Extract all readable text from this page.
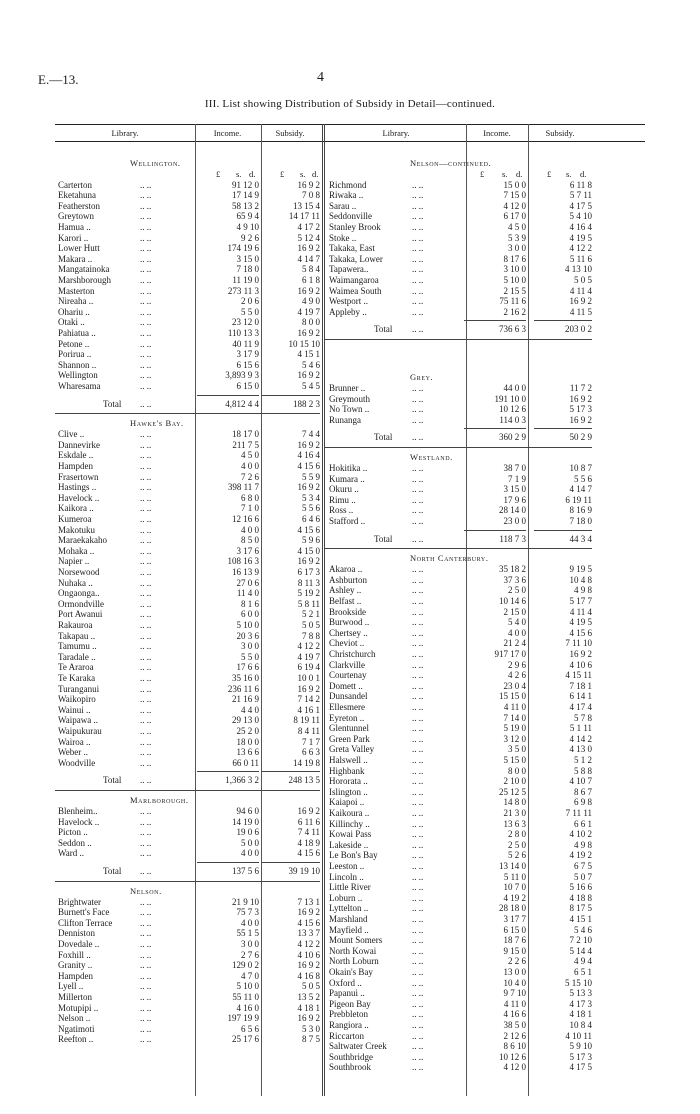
E.—13.	4
III. List showing Distribution of Subsidy in Detail—continued.
Library.	Income.	Subsidy.	Library.	Income.	Subsidy.
Wellington.
£ s. d.	£ s. d.
Carterton	.. ..	91 12 0	16 9 2
Eketahuna	.. ..	17 14 9	7 0 8
Featherston	.. ..	58 13 2	13 15 4
Greytown	.. ..	65 9 4	14 17 11
Hamua ..	.. ..	4 9 10	4 17 2
Karori ..	.. ..	9 2 6	5 12 4
Lower Hutt	.. ..	174 19 6	16 9 2
Makara ..	.. ..	3 15 0	4 14 7
Mangatainoka	.. ..	7 18 0	5 8 4
Marshborough	.. ..	11 19 0	6 1 8
Masterton	.. ..	273 11 3	16 9 2
Nireaha ..	.. ..	2 0 6	4 9 0
Ohariu ..	.. ..	5 5 0	4 19 7
Otaki ..	.. ..	23 12 0	8 0 0
Pahiatua ..	.. ..	110 13 3	16 9 2
Petone ..	.. ..	40 11 9	10 15 10
Porirua ..	.. ..	3 17 9	4 15 1
Shannon ..	.. ..	6 15 6	5 4 6
Wellington	.. ..	3,893 9 3	16 9 2
Wharesama	.. ..	6 15 0	5 4 5
Total .. ..	4,812 4 4	188 2 3
Hawke's Bay.
Clive ..	.. ..	18 17 0	7 4 4
Dannevirke	.. ..	211 7 5	16 9 2
Eskdale ..	.. ..	4 5 0	4 16 4
Hampden	.. ..	4 0 0	4 15 6
Frasertown	.. ..	7 2 6	5 5 9
Hastings ..	.. ..	398 11 7	16 9 2
Havelock ..	.. ..	6 8 0	5 3 4
Kaikora ..	.. ..	7 1 0	5 5 6
Kumeroa	.. ..	12 16 6	6 4 6
Makotuku	.. ..	4 0 0	4 15 6
Maraekakaho	.. ..	8 5 0	5 9 6
Mohaka ..	.. ..	3 17 6	4 15 0
Napier ..	.. ..	108 16 3	16 9 2
Norsewood	.. ..	16 13 9	6 17 3
Nuhaka ..	.. ..	27 0 6	8 11 3
Ongaonga..	.. ..	11 4 0	5 19 2
Ormondville	.. ..	8 1 6	5 8 11
Port Awanui	.. ..	6 0 0	5 2 1
Rakauroa	.. ..	5 10 0	5 0 5
Takapau ..	.. ..	20 3 6	7 8 8
Tamumu ..	.. ..	3 0 0	4 12 2
Taradale ..	.. ..	5 5 0	4 19 7
Te Araroa	.. ..	17 6 6	6 19 4
Te Karaka	.. ..	35 16 0	10 0 1
Turanganui	.. ..	236 11 6	16 9 2
Waikopiro	.. ..	21 16 9	7 14 2
Wainui ..	.. ..	4 4 0	4 16 1
Waipawa ..	.. ..	29 13 0	8 19 11
Waipukurau	.. ..	25 2 0	8 4 11
Wairoa ..	.. ..	18 0 0	7 1 7
Weber ..	.. ..	13 6 6	6 6 3
Woodville	.. ..	66 0 11	14 19 8
Total .. ..	1,366 3 2	248 13 5
Marlborough.
Blenheim..	.. ..	94 6 0	16 9 2
Havelock ..	.. ..	14 19 0	6 11 6
Picton ..	.. ..	19 0 6	7 4 11
Seddon ..	.. ..	5 0 0	4 18 9
Ward ..	.. ..	4 0 0	4 15 6
Total .. ..	137 5 6	39 19 10
Nelson.
Brightwater	.. ..	21 9 10	7 13 1
Burnett's Face	.. ..	75 7 3	16 9 2
Clifton Terrace	.. ..	4 0 0	4 15 6
Denniston	.. ..	55 1 5	13 3 7
Dovedale ..	.. ..	3 0 0	4 12 2
Foxhill ..	.. ..	2 7 6	4 10 6
Granity ..	.. ..	129 0 2	16 9 2
Hampden	.. ..	4 7 0	4 16 8
Lyell ..	.. ..	5 10 0	5 0 5
Millerton	.. ..	55 11 0	13 5 2
Motupipi ..	.. ..	4 16 0	4 18 1
Nelson ..	.. ..	197 19 9	16 9 2
Ngatimoti	.. ..	6 5 6	5 3 0
Reefton ..	.. ..	25 17 6	8 7 5
Nelson—continued.
£ s. d.	£ s. d.
Richmond	.. ..	15 0 0	6 11 8
Riwaka ..	.. ..	7 15 0	5 7 11
Sarau ..	.. ..	4 12 0	4 17 5
Seddonville	.. ..	6 17 0	5 4 10
Stanley Brook	.. ..	4 5 0	4 16 4
Stoke ..	.. ..	5 3 9	4 19 5
Takaka, East	.. ..	3 0 0	4 12 2
Takaka, Lower	.. ..	8 17 6	5 11 6
Tapawera..	.. ..	3 10 0	4 13 10
Waimangaroa	.. ..	5 10 0	5 0 5
Waimea South	.. ..	2 15 5	4 11 4
Westport ..	.. ..	75 11 6	16 9 2
Appleby ..	.. ..	2 16 2	4 11 5
Total .. ..	736 6 3	203 0 2
Grey.
Brunner ..	.. ..	44 0 0	11 7 2
Greymouth	.. ..	191 10 0	16 9 2
No Town ..	.. ..	10 12 6	5 17 3
Runanga	.. ..	114 0 3	16 9 2
Total .. ..	360 2 9	50 2 9
Westland.
Hokitika ..	.. ..	38 7 0	10 8 7
Kumara ..	.. ..	7 1 9	5 5 6
Okuru ..	.. ..	3 15 0	4 14 7
Rimu ..	.. ..	17 9 6	6 19 11
Ross ..	.. ..	28 14 0	8 16 9
Stafford ..	.. ..	23 0 0	7 18 0
Total .. ..	118 7 3	44 3 4
North Canterbury.
Akaroa ..	.. ..	35 18 2	9 19 5
Ashburton	.. ..	37 3 6	10 4 8
Ashley ..	.. ..	2 5 0	4 9 8
Belfast ..	.. ..	10 14 6	5 17 7
Brookside	.. ..	2 15 0	4 11 4
Burwood ..	.. ..	5 4 0	4 19 5
Chertsey ..	.. ..	4 0 0	4 15 6
Cheviot ..	.. ..	21 2 4	7 11 10
Christchurch	.. ..	917 17 0	16 9 2
Clarkville	.. ..	2 9 6	4 10 6
Courtenay	.. ..	4 2 6	4 15 11
Domett ..	.. ..	23 0 4	7 18 1
Dunsandel	.. ..	15 15 0	6 14 1
Ellesmere	.. ..	4 11 0	4 17 4
Eyreton ..	.. ..	7 14 0	5 7 8
Glentunnel	.. ..	5 19 0	5 1 11
Green Park	.. ..	3 12 0	4 14 2
Greta Valley	.. ..	3 5 0	4 13 0
Halswell ..	.. ..	5 15 0	5 1 2
Highbank	.. ..	8 0 0	5 8 8
Hororata ..	.. ..	2 10 0	4 10 7
Islington ..	.. ..	25 12 5	8 6 7
Kaiapoi ..	.. ..	14 8 0	6 9 8
Kaikoura ..	.. ..	21 3 0	7 11 11
Killinchy ..	.. ..	13 6 3	6 6 1
Kowai Pass	.. ..	2 8 0	4 10 2
Lakeside ..	.. ..	2 5 0	4 9 8
Le Bon's Bay	.. ..	5 2 6	4 19 2
Leeston ..	.. ..	13 14 0	6 7 5
Lincoln ..	.. ..	5 11 0	5 0 7
Little River	.. ..	10 7 0	5 16 6
Loburn ..	.. ..	4 19 2	4 18 8
Lyttelton ..	.. ..	28 18 0	8 17 5
Marshland	.. ..	3 17 7	4 15 1
Mayfield ..	.. ..	6 15 0	5 4 6
Mount Somers	.. ..	18 7 6	7 2 10
North Kowai	.. ..	9 15 0	5 14 4
North Loburn	.. ..	2 2 6	4 9 4
Okain's Bay	.. ..	13 0 0	6 5 1
Oxford ..	.. ..	10 4 0	5 15 10
Papanui ..	.. ..	9 7 10	5 13 3
Pigeon Bay	.. ..	4 11 0	4 17 3
Prebbleton	.. ..	4 16 6	4 18 1
Rangiora ..	.. ..	38 5 0	10 8 4
Riccarton	.. ..	2 12 6	4 10 11
Saltwater Creek	.. ..	8 6 10	5 9 10
Southbridge	.. ..	10 12 6	5 17 3
Southbrook	.. ..	4 12 0	4 17 5
